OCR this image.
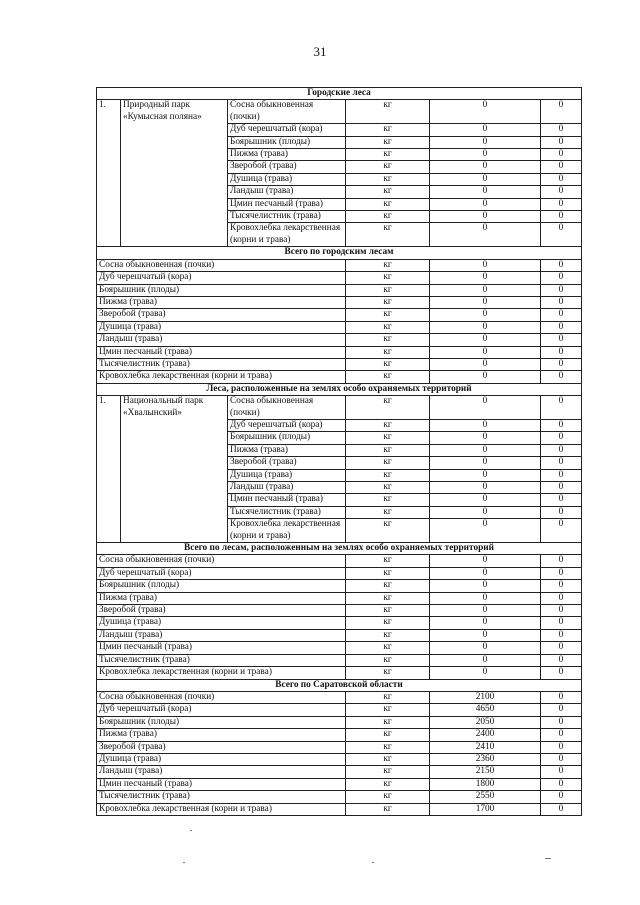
31
Городские леса					
1.	Природный парк «Кумысная поляна»	Сосна обыкновенная (почки)	кг	0	0
		Дуб черешчатый (кора)	кг	0	0
		Боярышник (плоды)	кг	0	0
		Пижма (трава)	кг	0	0
		Зверобой (трава)	кг	0	0
		Душица (трава)	кг	0	0
		Ландыш (трава)	кг	0	0
		Цмин песчаный (трава)	кг	0	0
		Тысячелистник (трава)	кг	0	0
		Кровохлебка лекарственная (корни и трава)	кг	0	0
Всего по городским лесам					
Сосна обыкновенная (почки)			кг	0	0
Дуб черешчатый (кора)			кг	0	0
Боярышник (плоды)			кг	0	0
Пижма (трава)			кг	0	0
Зверобой (трава)			кг	0	0
Душица (трава)			кг	0	0
Ландыш (трава)			кг	0	0
Цмин песчаный (трава)			кг	0	0
Тысячелистник (трава)			кг	0	0
Кровохлебка лекарственная (корни и трава)			кг	0	0
Леса, расположенные на землях особо охраняемых территорий					
1.	Национальный парк «Хвалынский»	Сосна обыкновенная (почки)	кг	0	0
		Дуб черешчатый (кора)	кг	0	0
		Боярышник (плоды)	кг	0	0
		Пижма (трава)	кг	0	0
		Зверобой (трава)	кг	0	0
		Душица (трава)	кг	0	0
		Ландыш (трава)	кг	0	0
		Цмин песчаный (трава)	кг	0	0
		Тысячелистник (трава)	кг	0	0
		Кровохлебка лекарственная (корни и трава)	кг	0	0
Всего по лесам, расположенным на землях особо охраняемых территорий					
Сосна обыкновенная (почки)			кг	0	0
Дуб черешчатый (кора)			кг	0	0
Боярышник (плоды)			кг	0	0
Пижма (трава)			кг	0	0
Зверобой (трава)			кг	0	0
Душица (трава)			кг	0	0
Ландыш (трава)			кг	0	0
Цмин песчаный (трава)			кг	0	0
Тысячелистник (трава)			кг	0	0
Кровохлебка лекарственная (корни и трава)			кг	0	0
Всего по Саратовской области					
Сосна обыкновенная (почки)			кг	2100	0
Дуб черешчатый (кора)			кг	4650	0
Боярышник (плоды)			кг	2050	0
Пижма (трава)			кг	2400	0
Зверобой (трава)			кг	2410	0
Душица (трава)			кг	2360	0
Ландыш (трава)			кг	2150	0
Цмин песчаный (трава)			кг	1800	0
Тысячелистник (трава)			кг	2550	0
Кровохлебка лекарственная (корни и трава)			кг	1700	0
